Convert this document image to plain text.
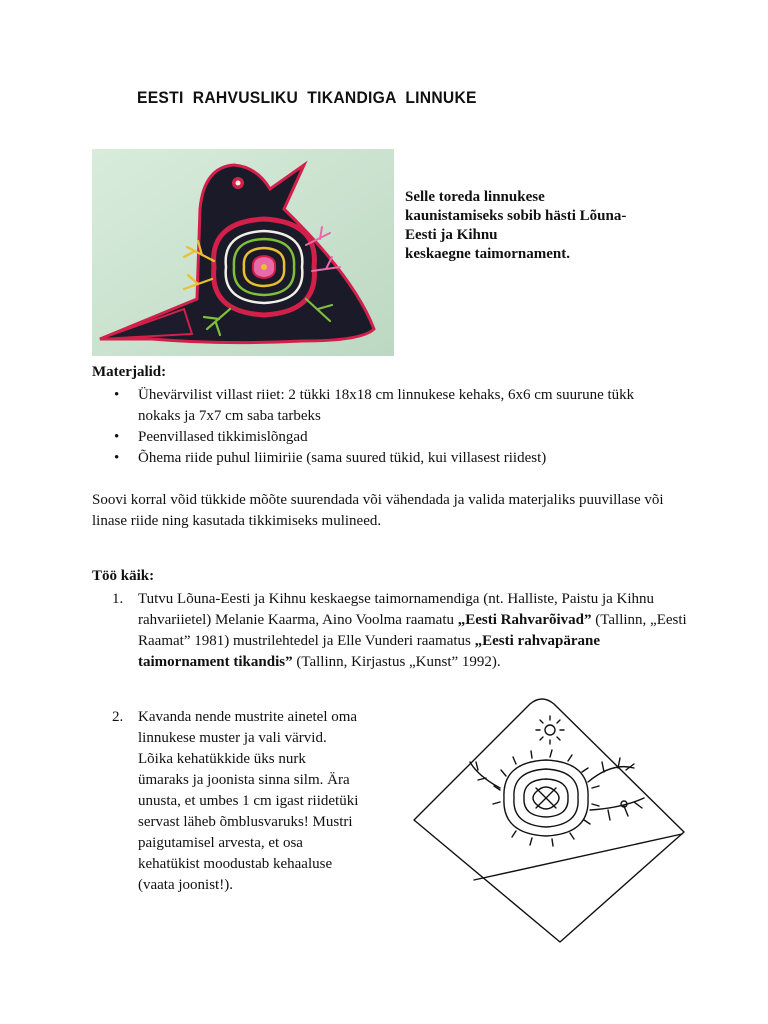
EESTI RAHVUSLIKU TIKANDIGA LINNUKE
Selle toreda linnukese
kaunistamiseks sobib hästi Lõuna-
Eesti ja Kihnu
keskaegne taimornament.
Materjalid:
• Ühevärvilist villast riiet: 2 tükki 18x18 cm linnukese kehaks, 6x6 cm suurune tükk nokaks ja 7x7 cm saba tarbeks
• Peenvillased tikkimislõngad
• Õhema riide puhul liimiriie (sama suured tükid, kui villasest riidest)
Soovi korral võid tükkide mõõte suurendada või vähendada ja valida materjaliks puuvillase või linase riide ning kasutada tikkimiseks mulineed.
Töö käik:
1. Tutvu Lõuna-Eesti ja Kihnu keskaegse taimornamendiga (nt. Halliste, Paistu ja Kihnu rahvariietel) Melanie Kaarma, Aino Voolma raamatu „Eesti Rahvarõivad” (Tallinn, „Eesti Raamat” 1981) mustrilehtedel ja Elle Vunderi raamatus „Eesti rahvapärane taimornament tikandis” (Tallinn, Kirjastus „Kunst” 1992).
2. Kavanda nende mustrite ainetel oma
linnukese muster ja vali värvid.
Lõika kehatükkide üks nurk
ümaraks ja joonista sinna silm. Ära
unusta, et umbes 1 cm igast riidetüki
servast läheb õmblusvaruks! Mustri
paigutamisel arvesta, et osa
kehatükist moodustab kehaaluse
(vaata joonist!).
